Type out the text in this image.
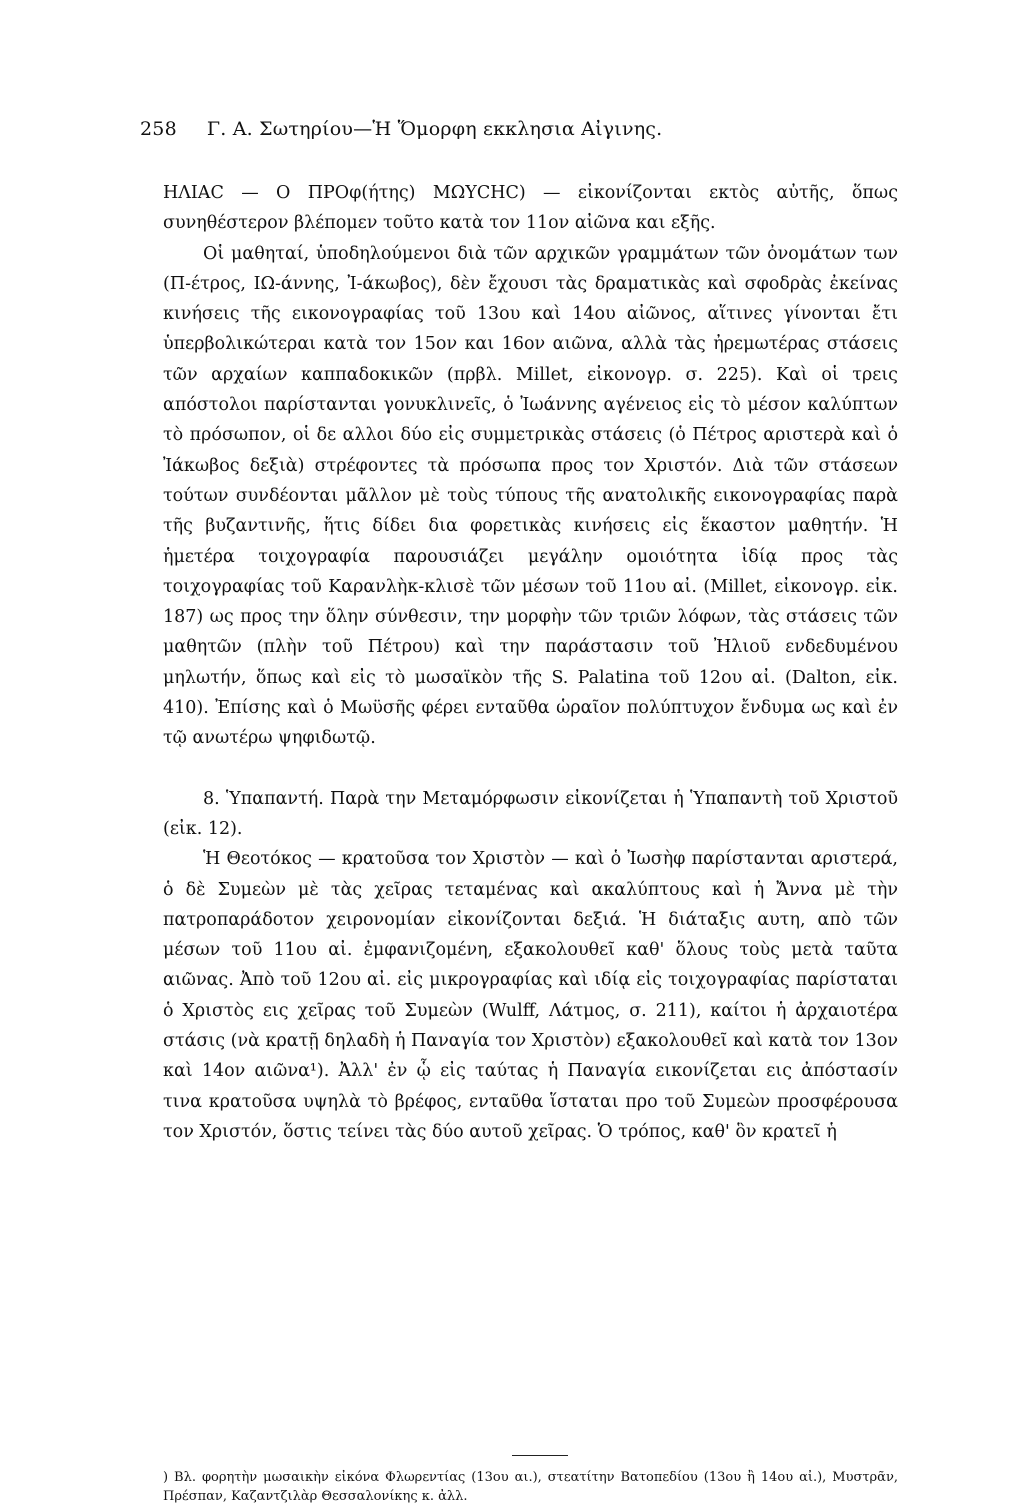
258 Γ. Α. Σωτηρίου—Ἡ Ὅμορφη εκκλησια Αἰγινης.

ΗΛΙΑC — Ο ΠΡΟφ(ήτης) ΜΩΥCΗC) — εἰκονίζονται εκτὸς αὐτῆς, ὅπως συνηθέστερον βλέπομεν τοῦτο κατὰ τον 11ον αἰῶνα και εξῆς.

Οἱ μαθηταί, ὑποδηλούμενοι διὰ τῶν αρχικῶν γραμμάτων τῶν ὀνομάτων των (Π-έτρος, ΙΩ-άννης, Ἰ-άκωβος), δὲν ἔχουσι τὰς δραματικὰς καὶ σφοδρὰς ἐκείνας κινήσεις τῆς εικονογραφίας τοῦ 13ου καὶ 14ου αἰῶνος, αἵτινες γίνονται ἔτι ὑπερβολικώτεραι κατὰ τον 15ον και 16ον αιῶνα, αλλὰ τὰς ἠρεμωτέρας στάσεις τῶν αρχαίων καππαδοκικῶν (πρβλ. Millet, εἰκονογρ. σ. 225). Καὶ οἱ τρεις απόστολοι παρίστανται γονυκλινεῖς, ὁ Ἰωάννης αγένειος εἰς τὸ μέσον καλύπτων τὸ πρόσωπον, οἱ δε αλλοι δύο εἰς συμμετρικὰς στάσεις (ὁ Πέτρος αριστερὰ καὶ ὁ Ἰάκωβος δεξιὰ) στρέφοντες τὰ πρόσωπα προς τον Χριστόν. Διὰ τῶν στάσεων τούτων συνδέονται μᾶλλον μὲ τοὺς τύπους τῆς ανατολικῆς εικονογραφίας παρὰ τῆς βυζαντινῆς, ἥτις δίδει δια φορετικὰς κινήσεις εἰς ἕκαστον μαθητήν. Ἡ ἡμετέρα τοιχογραφία παρουσιάζει μεγάλην ομοιότητα ἰδίᾳ προς τὰς τοιχογραφίας τοῦ Καρανλὴκ-κλισὲ τῶν μέσων τοῦ 11ου αἰ. (Millet, εἰκονογρ. εἰκ. 187) ως προς την ὅλην σύνθεσιν, την μορφὴν τῶν τριῶν λόφων, τὰς στάσεις τῶν μαθητῶν (πλὴν τοῦ Πέτρου) καὶ την παράστασιν τοῦ Ἠλιοῦ ενδεδυμένου μηλωτήν, ὅπως καὶ εἰς τὸ μωσαϊκὸν τῆς S. Palatina τοῦ 12ου αἰ. (Dalton, εἰκ. 410). Ἐπίσης καὶ ὁ Μωϋσῆς φέρει ενταῦθα ὡραῖον πολύπτυχον ἔνδυμα ως καὶ ἐν τῷ ανωτέρω ψηφιδωτῷ.

8. Ὑπαπαντή. Παρὰ την Μεταμόρφωσιν εἰκονίζεται ἡ Ὑπαπαντὴ τοῦ Χριστοῦ (εἰκ. 12).

Ἡ Θεοτόκος — κρατοῦσα τον Χριστὸν — καὶ ὁ Ἰωσὴφ παρίστανται αριστερά, ὁ δὲ Συμεὼν μὲ τὰς χεῖρας τεταμένας καὶ ακαλύπτους καὶ ἡ Ἄννα μὲ τὴν πατροπαράδοτον χειρονομίαν εἰκονίζονται δεξιά. Ἡ διάταξις αυτη, απὸ τῶν μέσων τοῦ 11ου αἰ. ἐμφανιζομένη, εξακολουθεῖ καθ' ὅλους τοὺς μετὰ ταῦτα αιῶνας. Ἀπὸ τοῦ 12ου αἰ. εἰς μικρογραφίας καὶ ιδίᾳ εἰς τοιχογραφίας παρίσταται ὁ Χριστὸς εις χεῖρας τοῦ Συμεὼν (Wulff, Λάτμος, σ. 211), καίτοι ἡ ἀρχαιοτέρα στάσις (νὰ κρατῇ δηλαδὴ ἡ Παναγία τον Χριστὸν) εξακολουθεῖ καὶ κατὰ τον 13ον καὶ 14ον αιῶνα¹). Ἀλλ' ἐν ᾧ εἰς ταύτας ἡ Παναγία εικονίζεται εις ἀπόστασίν τινα κρατοῦσα υψηλὰ τὸ βρέφος, ενταῦθα ἵσταται προ τοῦ Συμεὼν προσφέρουσα τον Χριστόν, ὅστις τείνει τὰς δύο αυτοῦ χεῖρας. Ὁ τρόπος, καθ' ὃν κρατεῖ ἡ

) Βλ. φορητὴν μωσαικὴν εἰκόνα Φλωρεντίας (13ου αι.), στεατίτην Βατοπεδίου (13ου ἢ 14ου αἰ.), Μυστρᾶν, Πρέσπαν, Καζαντζιλὰρ Θεσσαλονίκης κ. ἀλλ.
